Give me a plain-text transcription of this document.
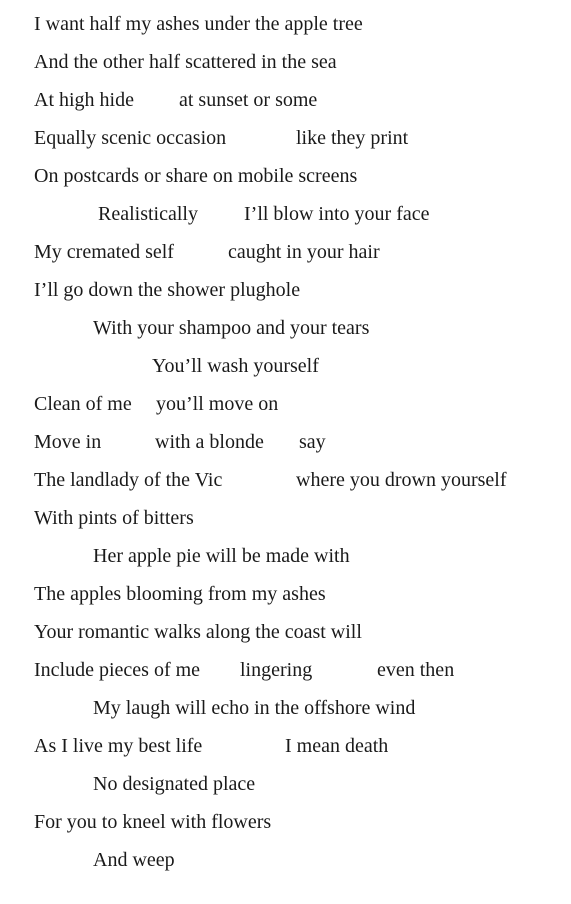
I want half my ashes under the apple tree
And the other half scattered in the sea
At high hide at sunset or some
Equally scenic occasion	like they print
On postcards or share on mobile screens
Realistically I’ll blow into your face
My cremated self	caught in your hair
I’ll go down the shower plughole
With your shampoo and your tears
You’ll wash yourself
Clean of me you’ll move on
Move in	with a blonde say
The landlady of the Vic	where you drown yourself
With pints of bitters
Her apple pie will be made with
The apples blooming from my ashes
Your romantic walks along the coast will
Include pieces of me lingering	even then
My laugh will echo in the offshore wind
As I live my best life	I mean death
No designated place
For you to kneel with flowers
And weep
